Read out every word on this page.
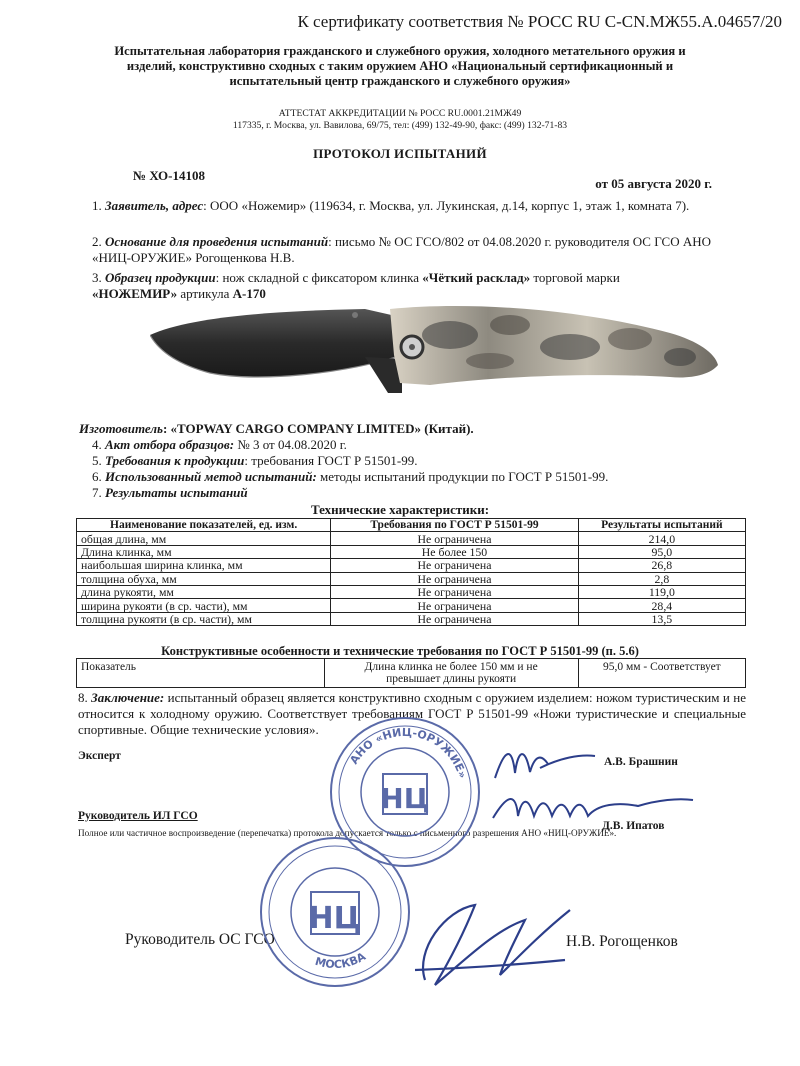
К сертификату соответствия № РОСС RU С-CN.МЖ55.А.04657/20
Испытательная лаборатория гражданского и служебного оружия, холодного метательного оружия и
изделий, конструктивно сходных с таким оружием АНО «Национальный сертификационный и
испытательный центр гражданского и служебного оружия»
АТТЕСТАТ АККРЕДИТАЦИИ № РОСС RU.0001.21МЖ49
117335, г. Москва, ул. Вавилова, 69/75, тел: (499) 132-49-90, факс: (499) 132-71-83
ПРОТОКОЛ ИСПЫТАНИЙ
№ ХО-14108
от 05 августа 2020 г.
1. Заявитель, адрес: ООО «Ножемир» (119634, г. Москва, ул. Лукинская, д.14, корпус 1, этаж 1, комната 7).
2. Основание для проведения испытаний: письмо № ОС ГСО/802 от 04.08.2020 г. руководителя ОС ГСО АНО «НИЦ-ОРУЖИЕ» Рогощенкова Н.В.
3. Образец продукции: нож складной с фиксатором клинка «Чёткий расклад» торговой марки
«НОЖЕМИР» артикула А-170
Изготовитель: «TOPWAY CARGO COMPANY LIMITED» (Китай).
4. Акт отбора образцов: № 3 от 04.08.2020 г.
5. Требования к продукции: требования ГОСТ Р 51501-99.
6. Использованный метод испытаний: методы испытаний продукции по ГОСТ Р 51501-99.
7. Результаты испытаний
Технические характеристики:
Наименование показателей, ед. изм.	Требования по ГОСТ Р 51501-99	Результаты испытаний
общая длина, мм	Не ограничена	214,0
Длина клинка, мм	Не более 150	95,0
наибольшая ширина клинка, мм	Не ограничена	26,8
толщина обуха, мм	Не ограничена	2,8
длина рукояти, мм	Не ограничена	119,0
ширина рукояти (в ср. части), мм	Не ограничена	28,4
толщина рукояти (в ср. части), мм	Не ограничена	13,5
Конструктивные особенности и технические требования по ГОСТ Р 51501-99 (п. 5.6)
Показатель	Длина клинка не более 150 мм и не
превышает длины рукояти
	95,0 мм - Соответствует
8. Заключение: испытанный образец является конструктивно сходным с оружием изделием: ножом туристическим и не относится к холодному оружию. Соответствует требованиям ГОСТ Р 51501-99 «Ножи туристические и специальные спортивные. Общие технические условия».
Эксперт	А.В. Брашнин
Руководитель ИЛ ГСО
Д.В. Ипатов
Полное или частичное воспроизведение (перепечатка) протокола допускается только с письменного разрешения АНО «НИЦ-ОРУЖИЕ».
Руководитель ОС ГСО	Н.В. Рогощенков
НЦ
АНО «НИЦ-ОРУЖИЕ»
НЦ
МОСКВА
